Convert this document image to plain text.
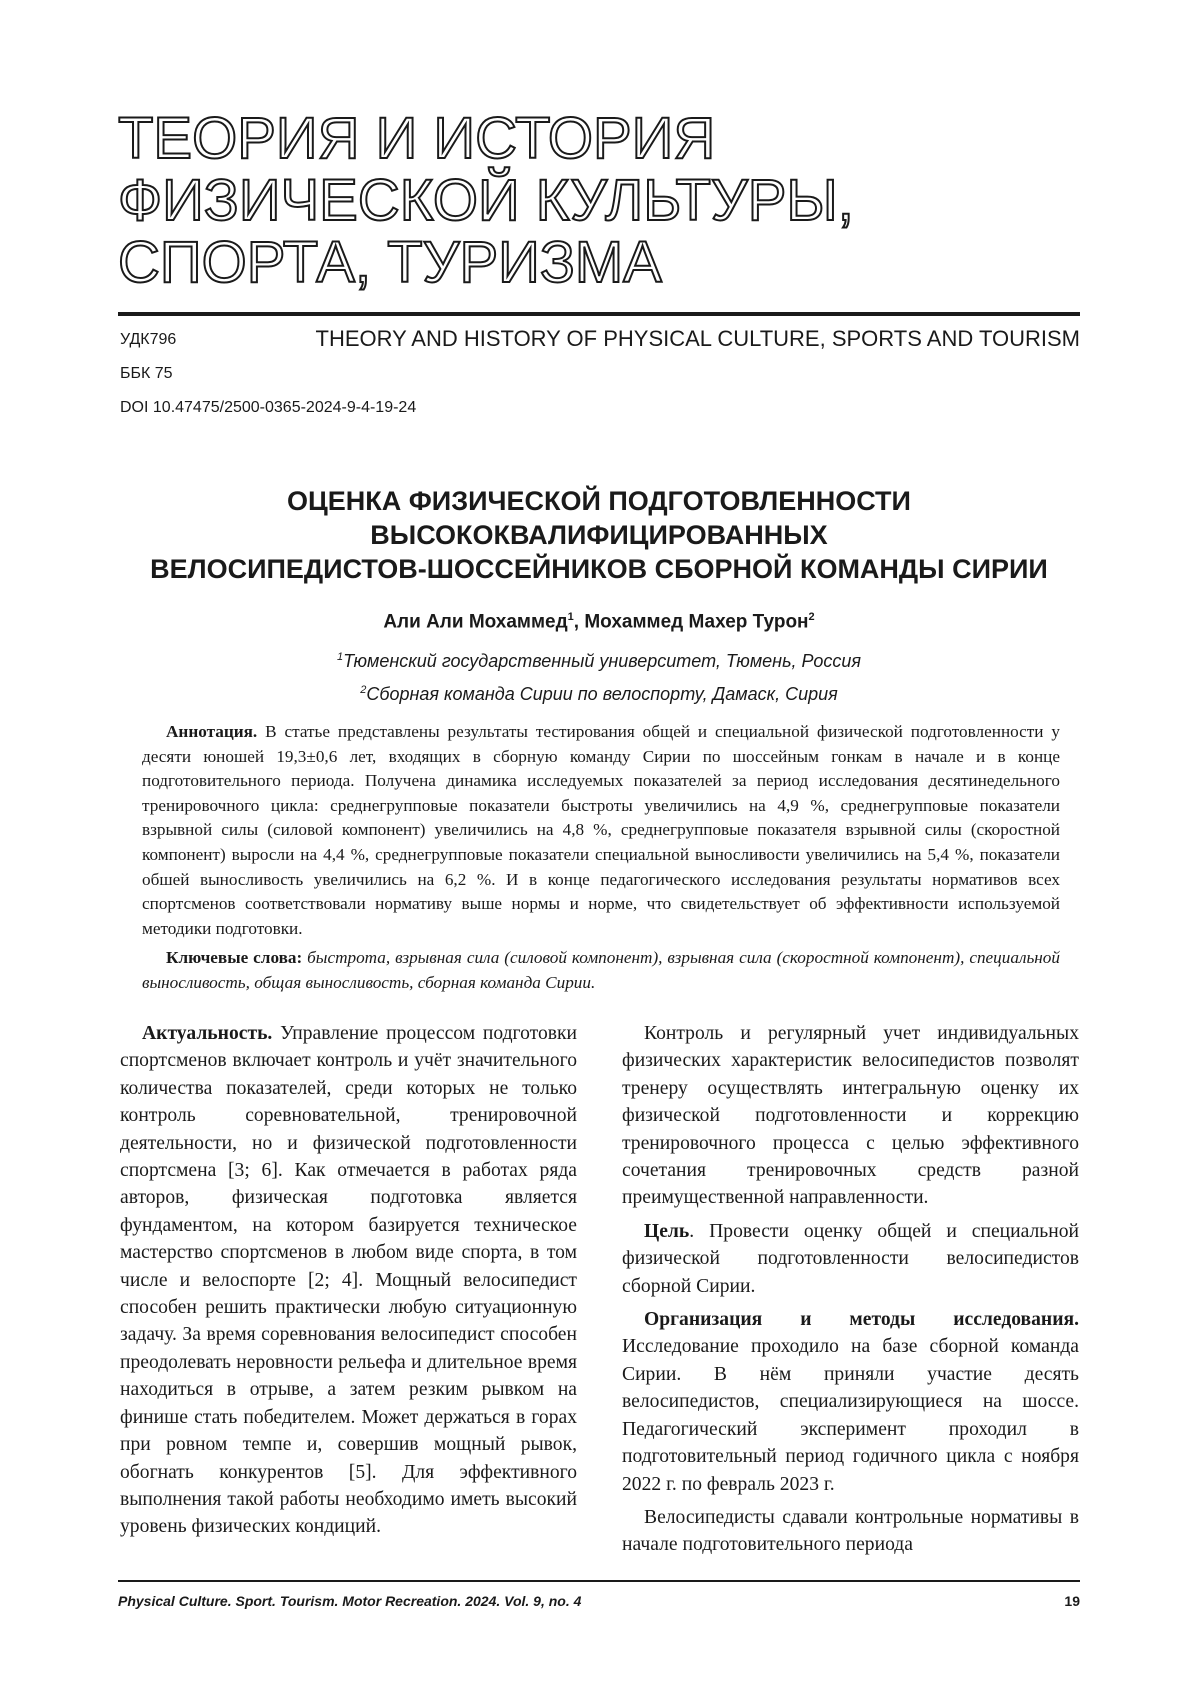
ТЕОРИЯ И ИСТОРИЯ

ФИЗИЧЕСКОЙ КУЛЬТУРЫ,

СПОРТА, ТУРИЗМА

THEORY AND HISTORY OF PHYSICAL CULTURE, SPORTS AND TOURISM

УДК796

ББК 75

DOI 10.47475/2500-0365-2024-9-4-19-24

ОЦЕНКА ФИЗИЧЕСКОЙ ПОДГОТОВЛЕННОСТИ
ВЫСОКОКВАЛИФИЦИРОВАННЫХ
ВЕЛОСИПЕДИСТОВ-ШОССЕЙНИКОВ СБОРНОЙ КОМАНДЫ СИРИИ

Али Али Мохаммед$^1$, Мохаммед Махер Турон$^2$

$^1$Тюменский государственный университет, Тюмень, Россия

$^2$Сборная команда Сирии по велоспорту, Дамаск, Сирия

Аннотация. В статье представлены результаты тестирования общей и специальной физической подготовленности у десяти юношей 19,3±0,6 лет, входящих в сборную команду Сирии по шоссейным гонкам в начале и в конце подготовительного периода. Получена динамика исследуемых показателей за период исследования десятинедельного тренировочного цикла: среднегрупповые показатели быстроты увеличились на 4,9 %, среднегрупповые показатели взрывной силы (силовой компонент) увеличились на 4,8 %, среднегрупповые показателя взрывной силы (скоростной компонент) выросли на 4,4 %, среднегрупповые показатели специальной выносливости увеличились на 5,4 %, показатели обшей выносливость увеличились на 6,2 %. И в конце педагогического исследования результаты нормативов всех спортсменов соответствовали нормативу выше нормы и норме, что свидетельствует об эффективности используемой методики подготовки.

Ключевые слова: быстрота, взрывная сила (силовой компонент), взрывная сила (скоростной компонент), специальной выносливость, общая выносливость, сборная команда Сирии.

Актуальность. Управление процессом подготовки спортсменов включает контроль и учёт значительного количества показателей, среди которых не только контроль соревновательной, тренировочной деятельности, но и физической подготовленности спортсмена [3; 6]. Как отмечается в работах ряда авторов, физическая подготовка является фундаментом, на котором базируется техническое мастерство спортсменов в любом виде спорта, в том числе и велоспорте [2; 4]. Мощный велосипедист способен решить практически любую ситуационную задачу. За время соревнования велосипедист способен преодолевать неровности рельефа и длительное время находиться в отрыве, а затем резким рывком на финише стать победителем. Может держаться в горах при ровном темпе и, совершив мощный рывок, обогнать конкурентов [5]. Для эффективного выполнения такой работы необходимо иметь высокий уровень физических кондиций.

Контроль и регулярный учет индивидуальных физических характеристик велосипедистов позволят тренеру осуществлять интегральную оценку их физической подготовленности и коррекцию тренировочного процесса с целью эффективного сочетания тренировочных средств разной преимущественной направленности.

Цель. Провести оценку общей и специальной физической подготовленности велосипедистов сборной Сирии.

Организация и методы исследования. Исследование проходило на базе сборной команда Сирии. В нём приняли участие десять велосипедистов, специализирующиеся на шоссе. Педагогический эксперимент проходил в подготовительный период годичного цикла с ноября 2022 г. по февраль 2023 г.

Велосипедисты сдавали контрольные нормативы в начале подготовительного периода

Physical Culture. Sport. Tourism. Motor Recreation. 2024. Vol. 9, no. 4	19
